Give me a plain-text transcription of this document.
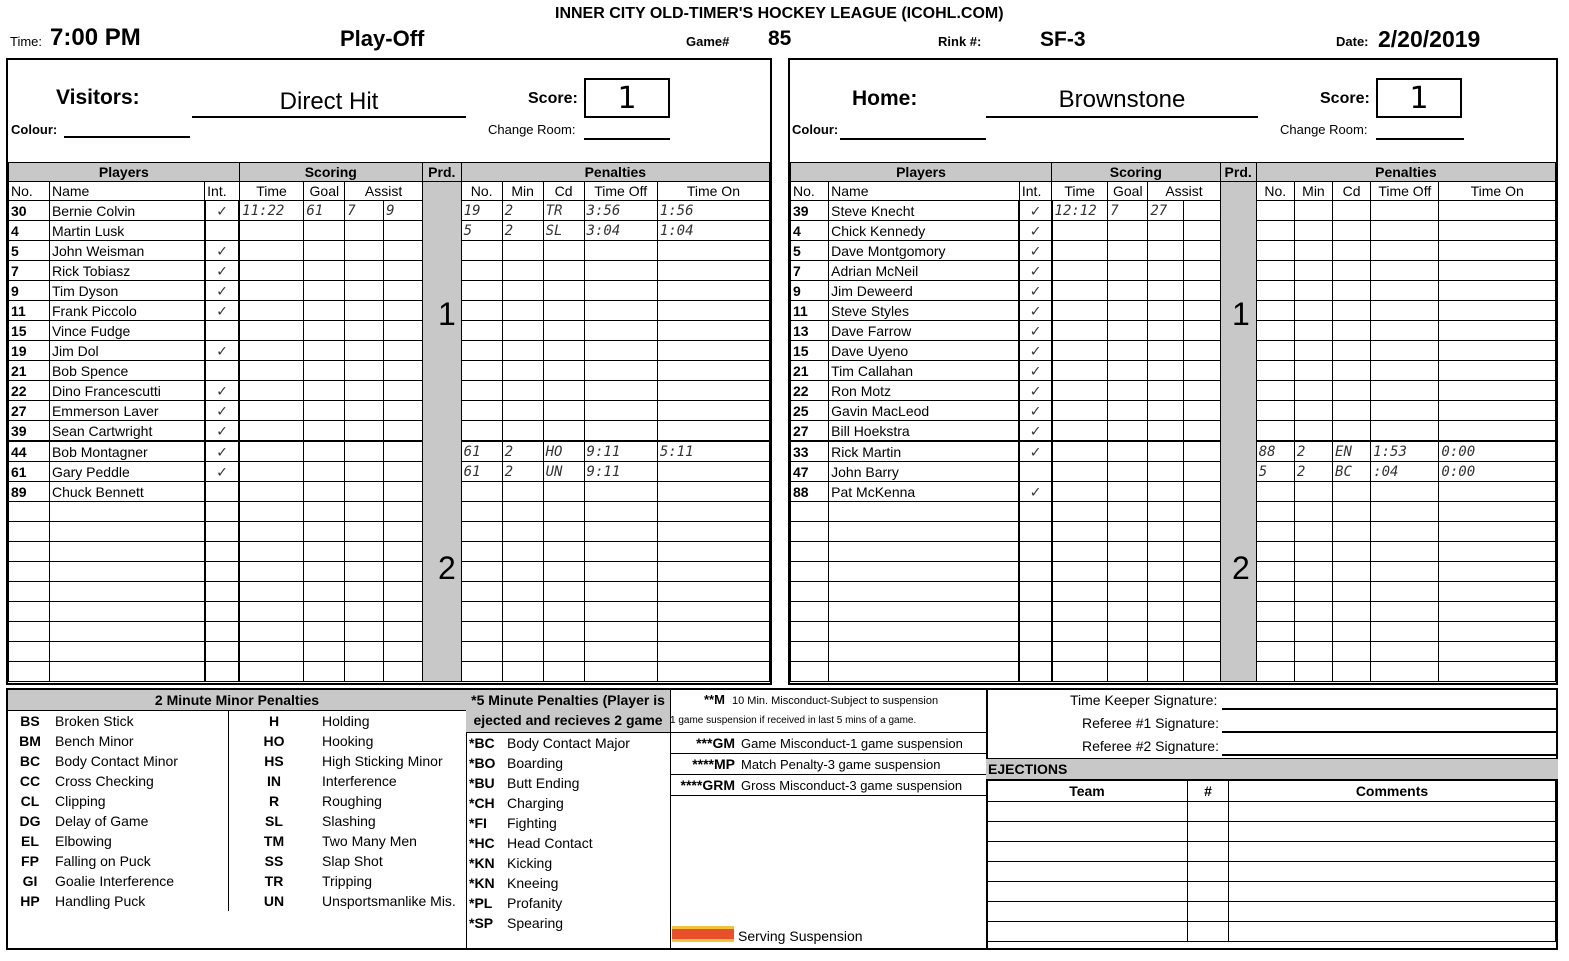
INNER CITY OLD-TIMER'S HOCKEY LEAGUE (ICOHL.COM)
Time: 7:00 PM	Play-Off	Game# 85	Rink #:	SF-3	Date: 2/20/2019
Visitors:	Direct Hit	Score:	1
Colour:	Change Room:
Players			Scoring				Prd.	Penalties				
No.	Name	Int.	Time	Goal	Assist			No.	Min	Cd	Time Off	Time On
30	Bernie Colvin	✓	11:22	61	7	9		19	2	TR	3:56	1:56
4	Martin Lusk							5	2	SL	3:04	1:04
5	John Weisman	✓										
7	Rick Tobiasz	✓										
9	Tim Dyson	✓										
11	Frank Piccolo	✓										
15	Vince Fudge											
19	Jim Dol	✓										
21	Bob Spence											
22	Dino Francescutti	✓										
27	Emmerson Laver	✓										
39	Sean Cartwright	✓										
44	Bob Montagner	✓						61	2	HO	9:11	5:11
61	Gary Peddle	✓						61	2	UN	9:11	
89	Chuck Bennett											

1
2
Home:	Brownstone	Score:	1
Colour:	Change Room:
Players			Scoring				Prd.	Penalties				
No.	Name	Int.	Time	Goal	Assist			No.	Min	Cd	Time Off	Time On
39	Steve Knecht	✓	12:12	7	27							
4	Chick Kennedy	✓										
5	Dave Montgomory	✓										
7	Adrian McNeil	✓										
9	Jim Deweerd	✓										
11	Steve Styles	✓										
13	Dave Farrow	✓										
15	Dave Uyeno	✓										
21	Tim Callahan	✓										
22	Ron Motz	✓										
25	Gavin MacLeod	✓										
27	Bill Hoekstra	✓										
33	Rick Martin	✓						88	2	EN	1:53	0:00
47	John Barry							5	2	BC	:04	0:00
88	Pat McKenna	✓										

1
2
2 Minute Minor Penalties
BS	Broken Stick	H	Holding
BM	Bench Minor	HO	Hooking
BC	Body Contact Minor	HS	High Sticking Minor
CC	Cross Checking	IN	Interference
CL	Clipping	R	Roughing
DG	Delay of Game	SL	Slashing
EL	Elbowing	TM	Two Many Men
FP	Falling on Puck	SS	Slap Shot
GI	Goalie Interference	TR	Tripping
HP	Handling Puck	UN	Unsportsmanlike Mis.
*5 Minute Penalties (Player is
ejected and recieves 2 game
*BC	Body Contact Major
*BO	Boarding
*BU	Butt Ending
*CH	Charging
*FI	Fighting
*HC	Head Contact
*KN	Kicking
*KN	Kneeing
*PL	Profanity
*SP	Spearing
**M 10 Min. Misconduct-Subject to suspension
1 game suspension if received in last 5 mins of a game.
***GM	Game Misconduct-1 game suspension
****MP	Match Penalty-3 game suspension
****GRM	Gross Misconduct-3 game suspension
Serving Suspension
Time Keeper Signature:
Referee #1 Signature:
Referee #2 Signature:
EJECTIONS
Team	#	Comments
